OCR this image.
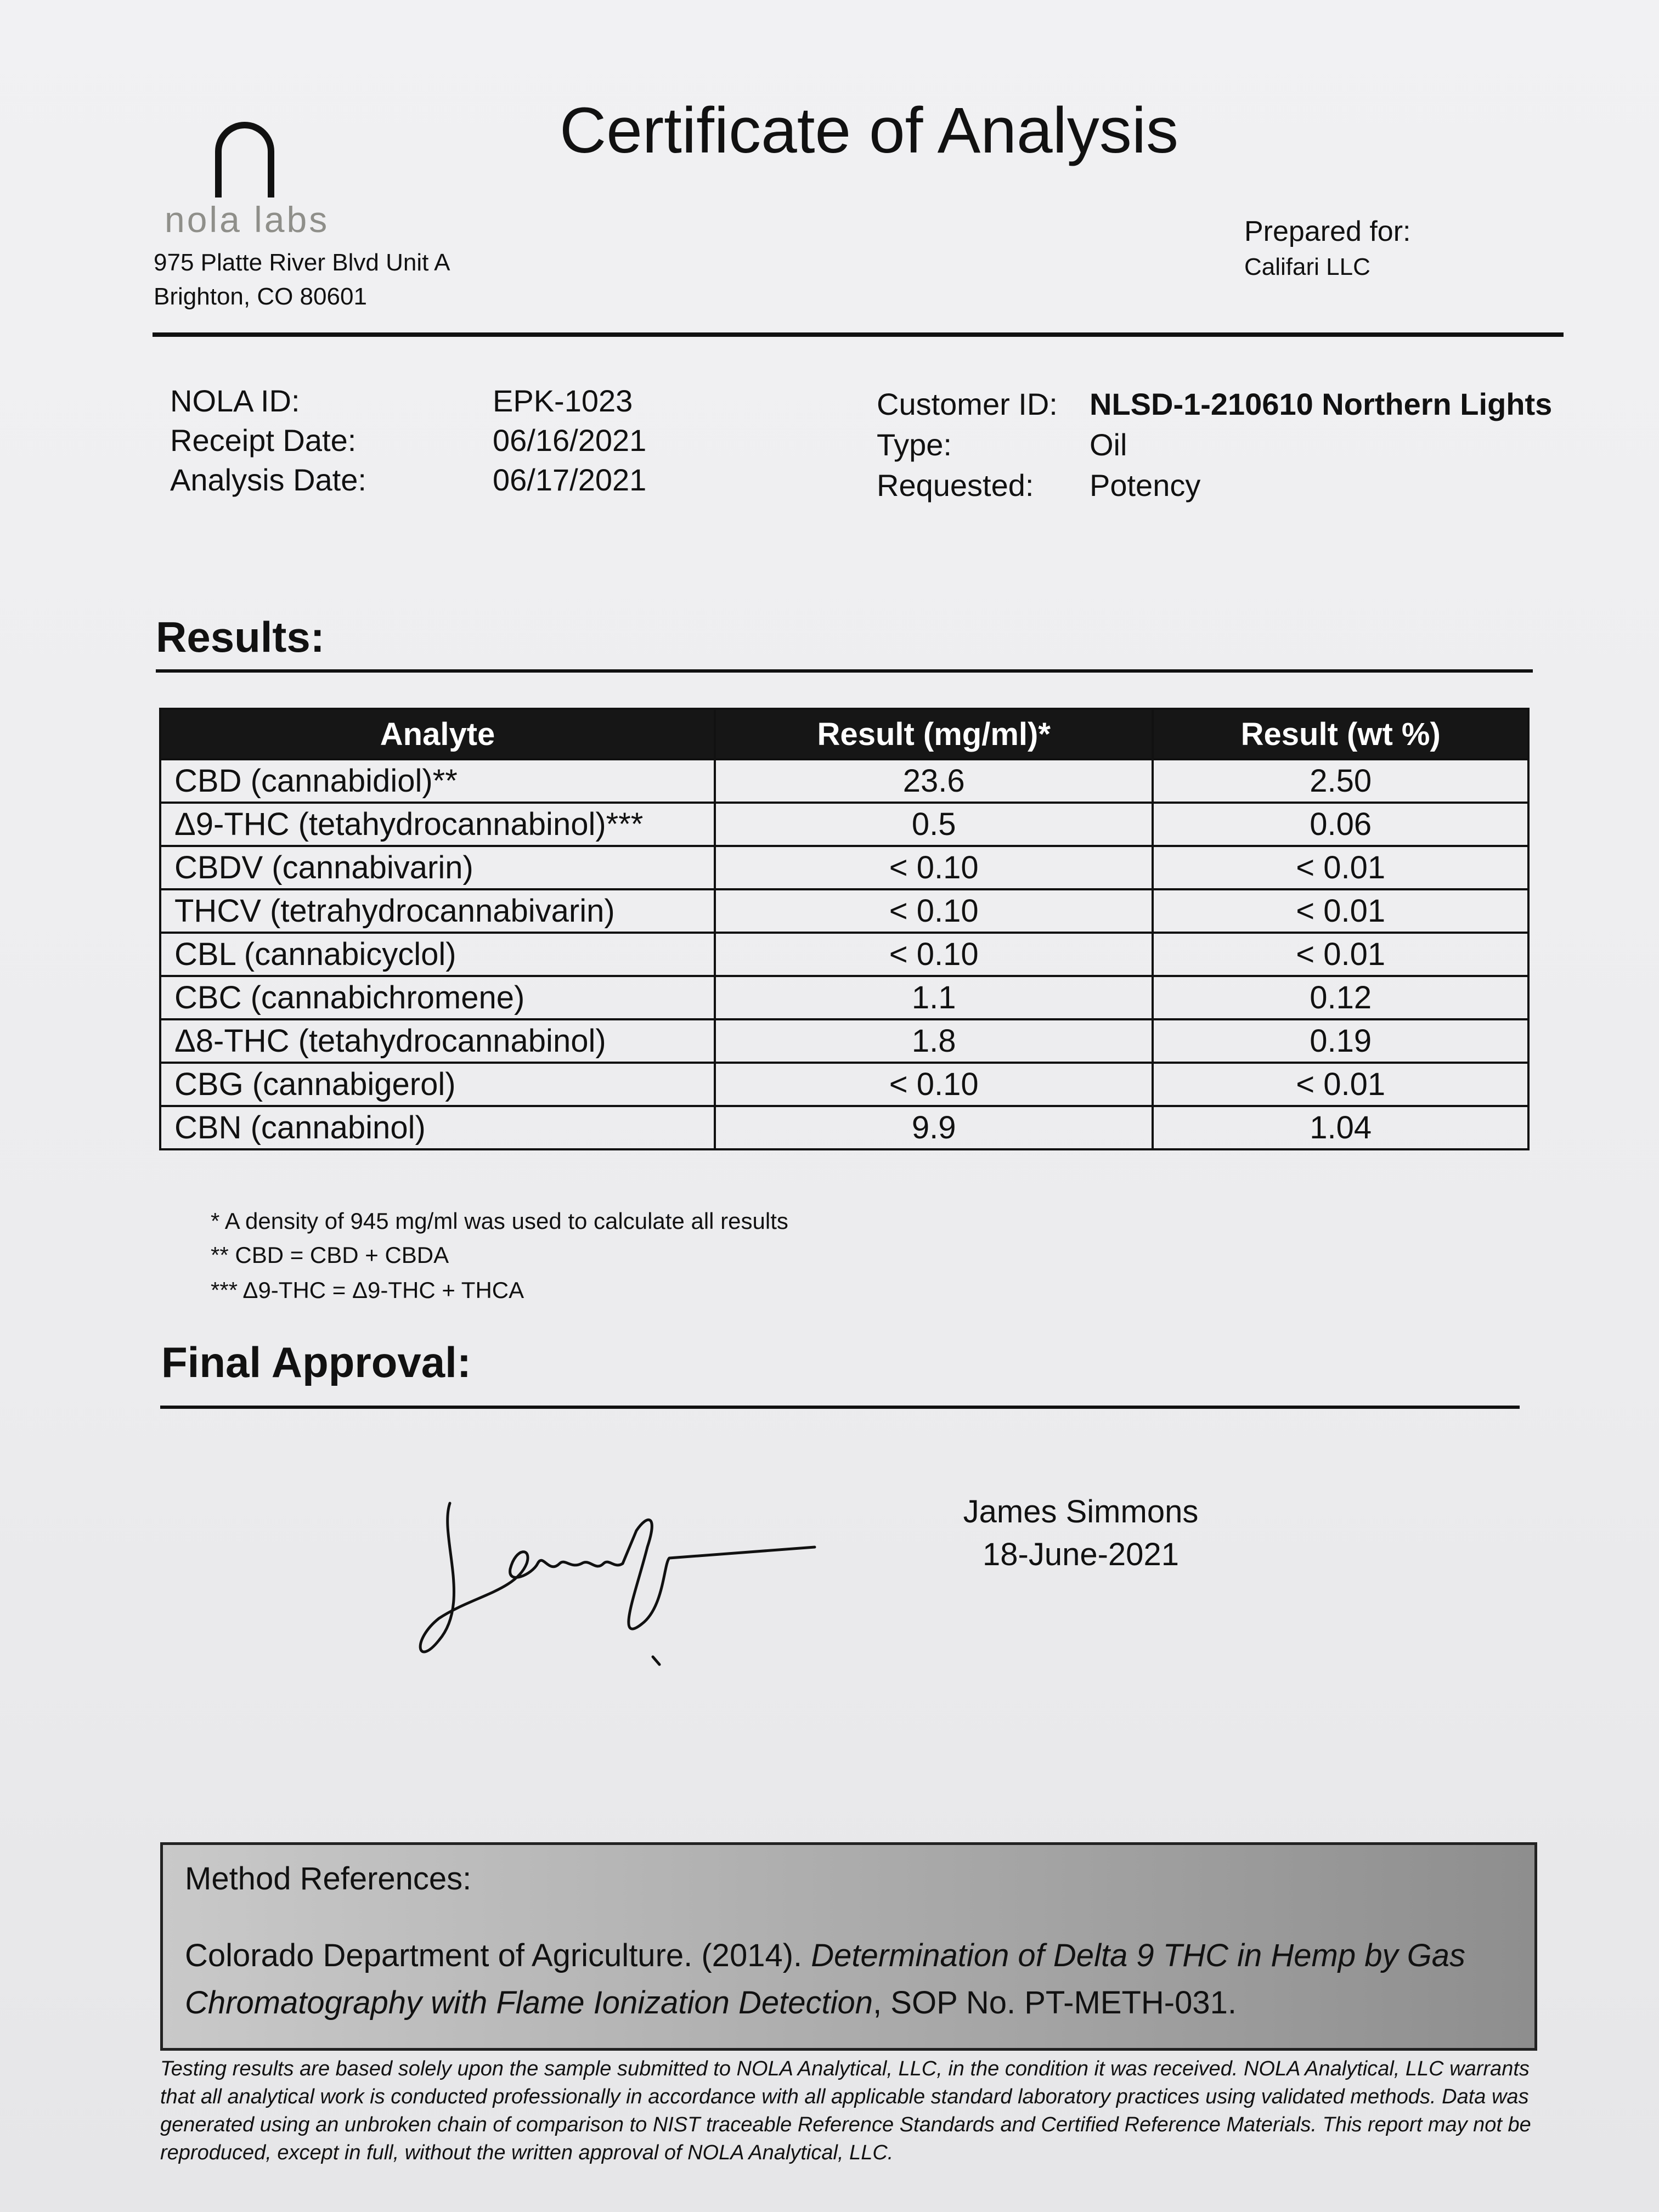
Certificate of Analysis
nola labs
975 Platte River Blvd Unit A
Brighton, CO 80601
Prepared for:
Califari LLC
NOLA ID:	EPK-1023
Receipt Date:	06/16/2021
Analysis Date:	06/17/2021
Customer ID: NLSD-1-210610 Northern Lights
Type:	Oil
Requested: Potency
Results:
Analyte	Result (mg/ml)*	Result (wt %)
CBD (cannabidiol)**	23.6	2.50
Δ9-THC (tetahydrocannabinol)***	0.5	0.06
CBDV (cannabivarin)	< 0.10	< 0.01
THCV (tetrahydrocannabivarin)	< 0.10	< 0.01
CBL (cannabicyclol)	< 0.10	< 0.01
CBC (cannabichromene)	1.1	0.12
Δ8-THC (tetahydrocannabinol)	1.8	0.19
CBG (cannabigerol)	< 0.10	< 0.01
CBN (cannabinol)	9.9	1.04
* A density of 945 mg/ml was used to calculate all results
** CBD = CBD + CBDA
*** Δ9-THC = Δ9-THC + THCA
Final Approval:
James Simmons
18-June-2021
Method References:
Colorado Department of Agriculture. (2014). Determination of Delta 9 THC in Hemp by Gas Chromatography with Flame Ionization Detection, SOP No. PT-METH-031.
Testing results are based solely upon the sample submitted to NOLA Analytical, LLC, in the condition it was received. NOLA Analytical, LLC warrants that all analytical work is conducted professionally in accordance with all applicable standard laboratory practices using validated methods. Data was generated using an unbroken chain of comparison to NIST traceable Reference Standards and Certified Reference Materials. This report may not be reproduced, except in full, without the written approval of NOLA Analytical, LLC.
